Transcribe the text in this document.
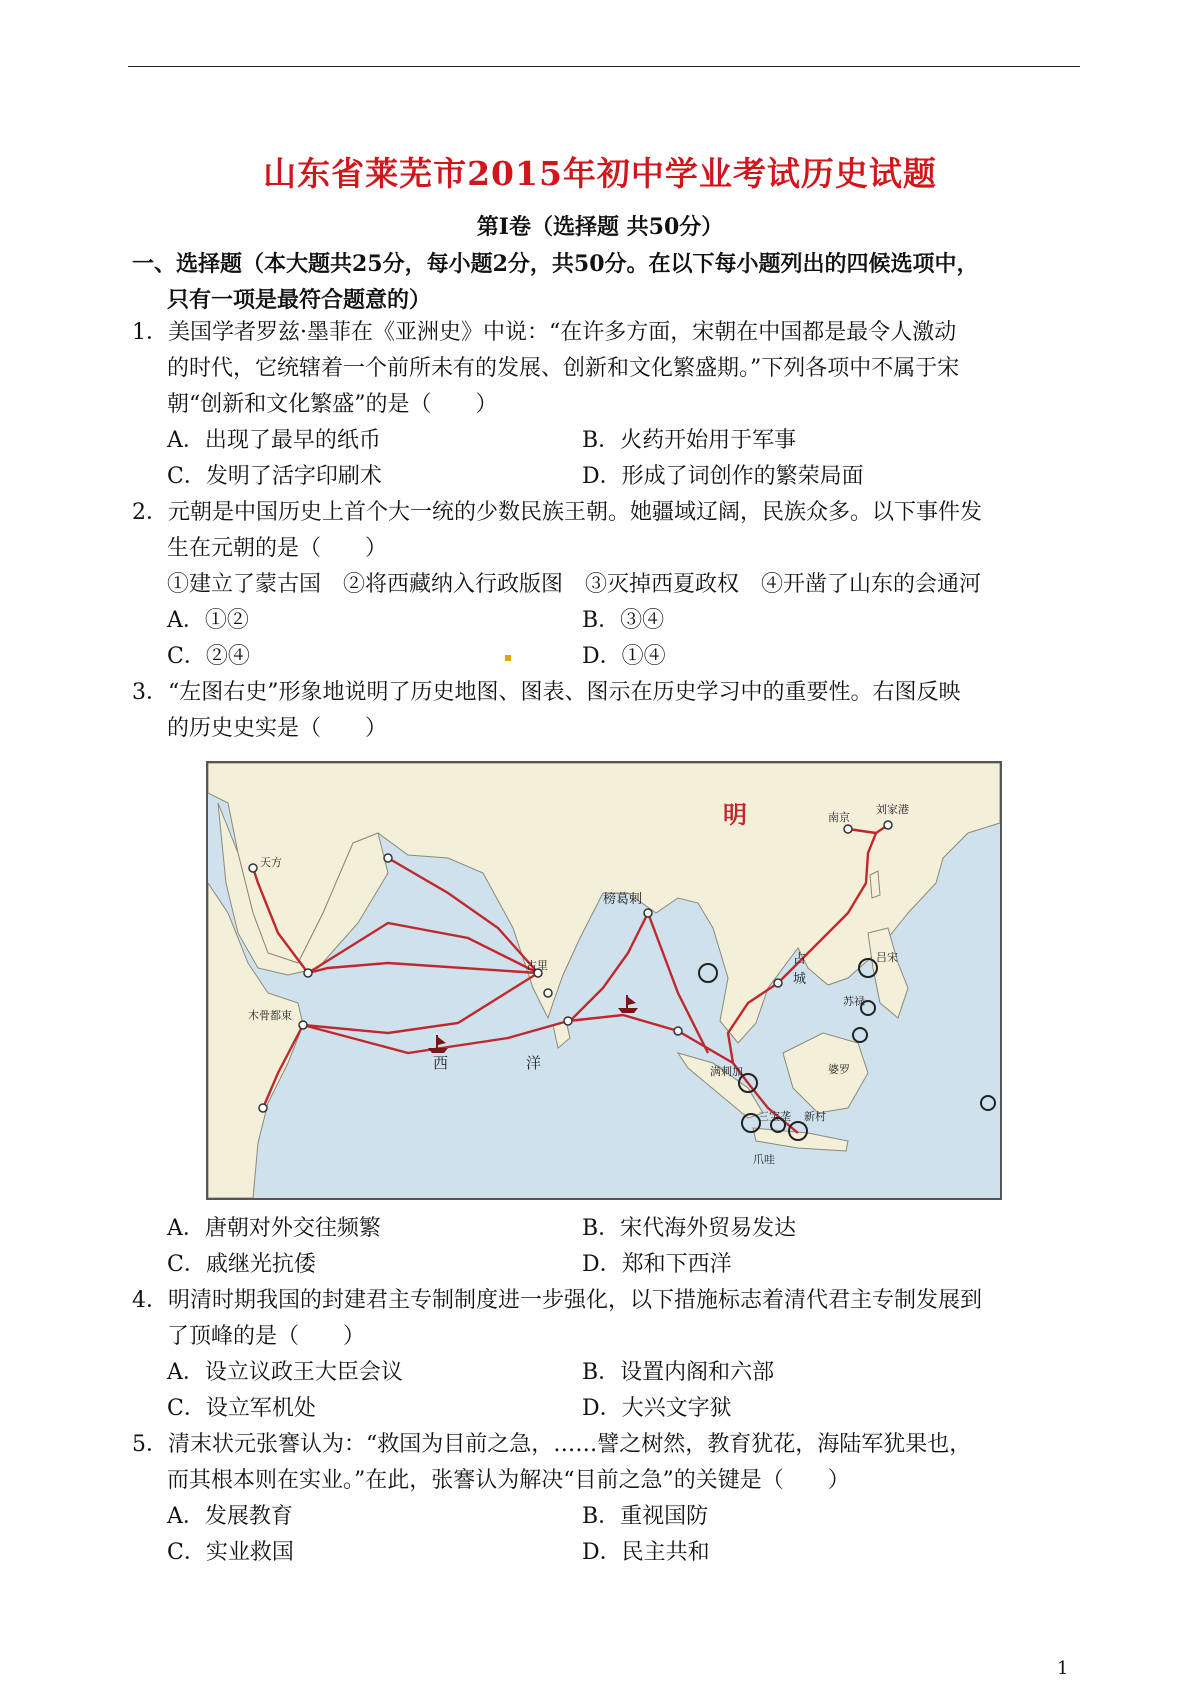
山东省莱芜市2015年初中学业考试历史试题
第Ⅰ卷（选择题 共50分）
一、选择题（本大题共25分，每小题2分，共50分。在以下每小题列出的四候选项中，
只有一项是最符合题意的）
1．美国学者罗兹·墨菲在《亚洲史》中说：“在许多方面，宋朝在中国都是最令人激动
的时代，它统辖着一个前所未有的发展、创新和文化繁盛期。”下列各项中不属于宋
朝“创新和文化繁盛”的是（　　）
A．出现了最早的纸币	B．火药开始用于军事
C．发明了活字印刷术	D．形成了词创作的繁荣局面
2．元朝是中国历史上首个大一统的少数民族王朝。她疆域辽阔，民族众多。以下事件发
生在元朝的是（　　）
①建立了蒙古国　②将西藏纳入行政版图　③灭掉西夏政权　④开凿了山东的会通河
A．①②	B．③④
C．②④	D．①④
3．“左图右史”形象地说明了历史地图、图表、图示在历史学习中的重要性。右图反映
的历史史实是（　　）
明	南京
刘家港
榜葛剌
天方
古里	占
城
吕宋
苏禄
木骨都束
西	洋	满剌加
三宝垄 新村
爪哇
婆罗
A．唐朝对外交往频繁	B．宋代海外贸易发达
C．戚继光抗倭	D．郑和下西洋
4．明清时期我国的封建君主专制制度进一步强化，以下措施标志着清代君主专制发展到
了顶峰的是（　　）
A．设立议政王大臣会议	B．设置内阁和六部
C．设立军机处	D．大兴文字狱
5．清末状元张謇认为：“救国为目前之急，……譬之树然，教育犹花，海陆军犹果也，
而其根本则在实业。”在此，张謇认为解决“目前之急”的关键是（　　）
A．发展教育	B．重视国防
C．实业救国	D．民主共和
1
